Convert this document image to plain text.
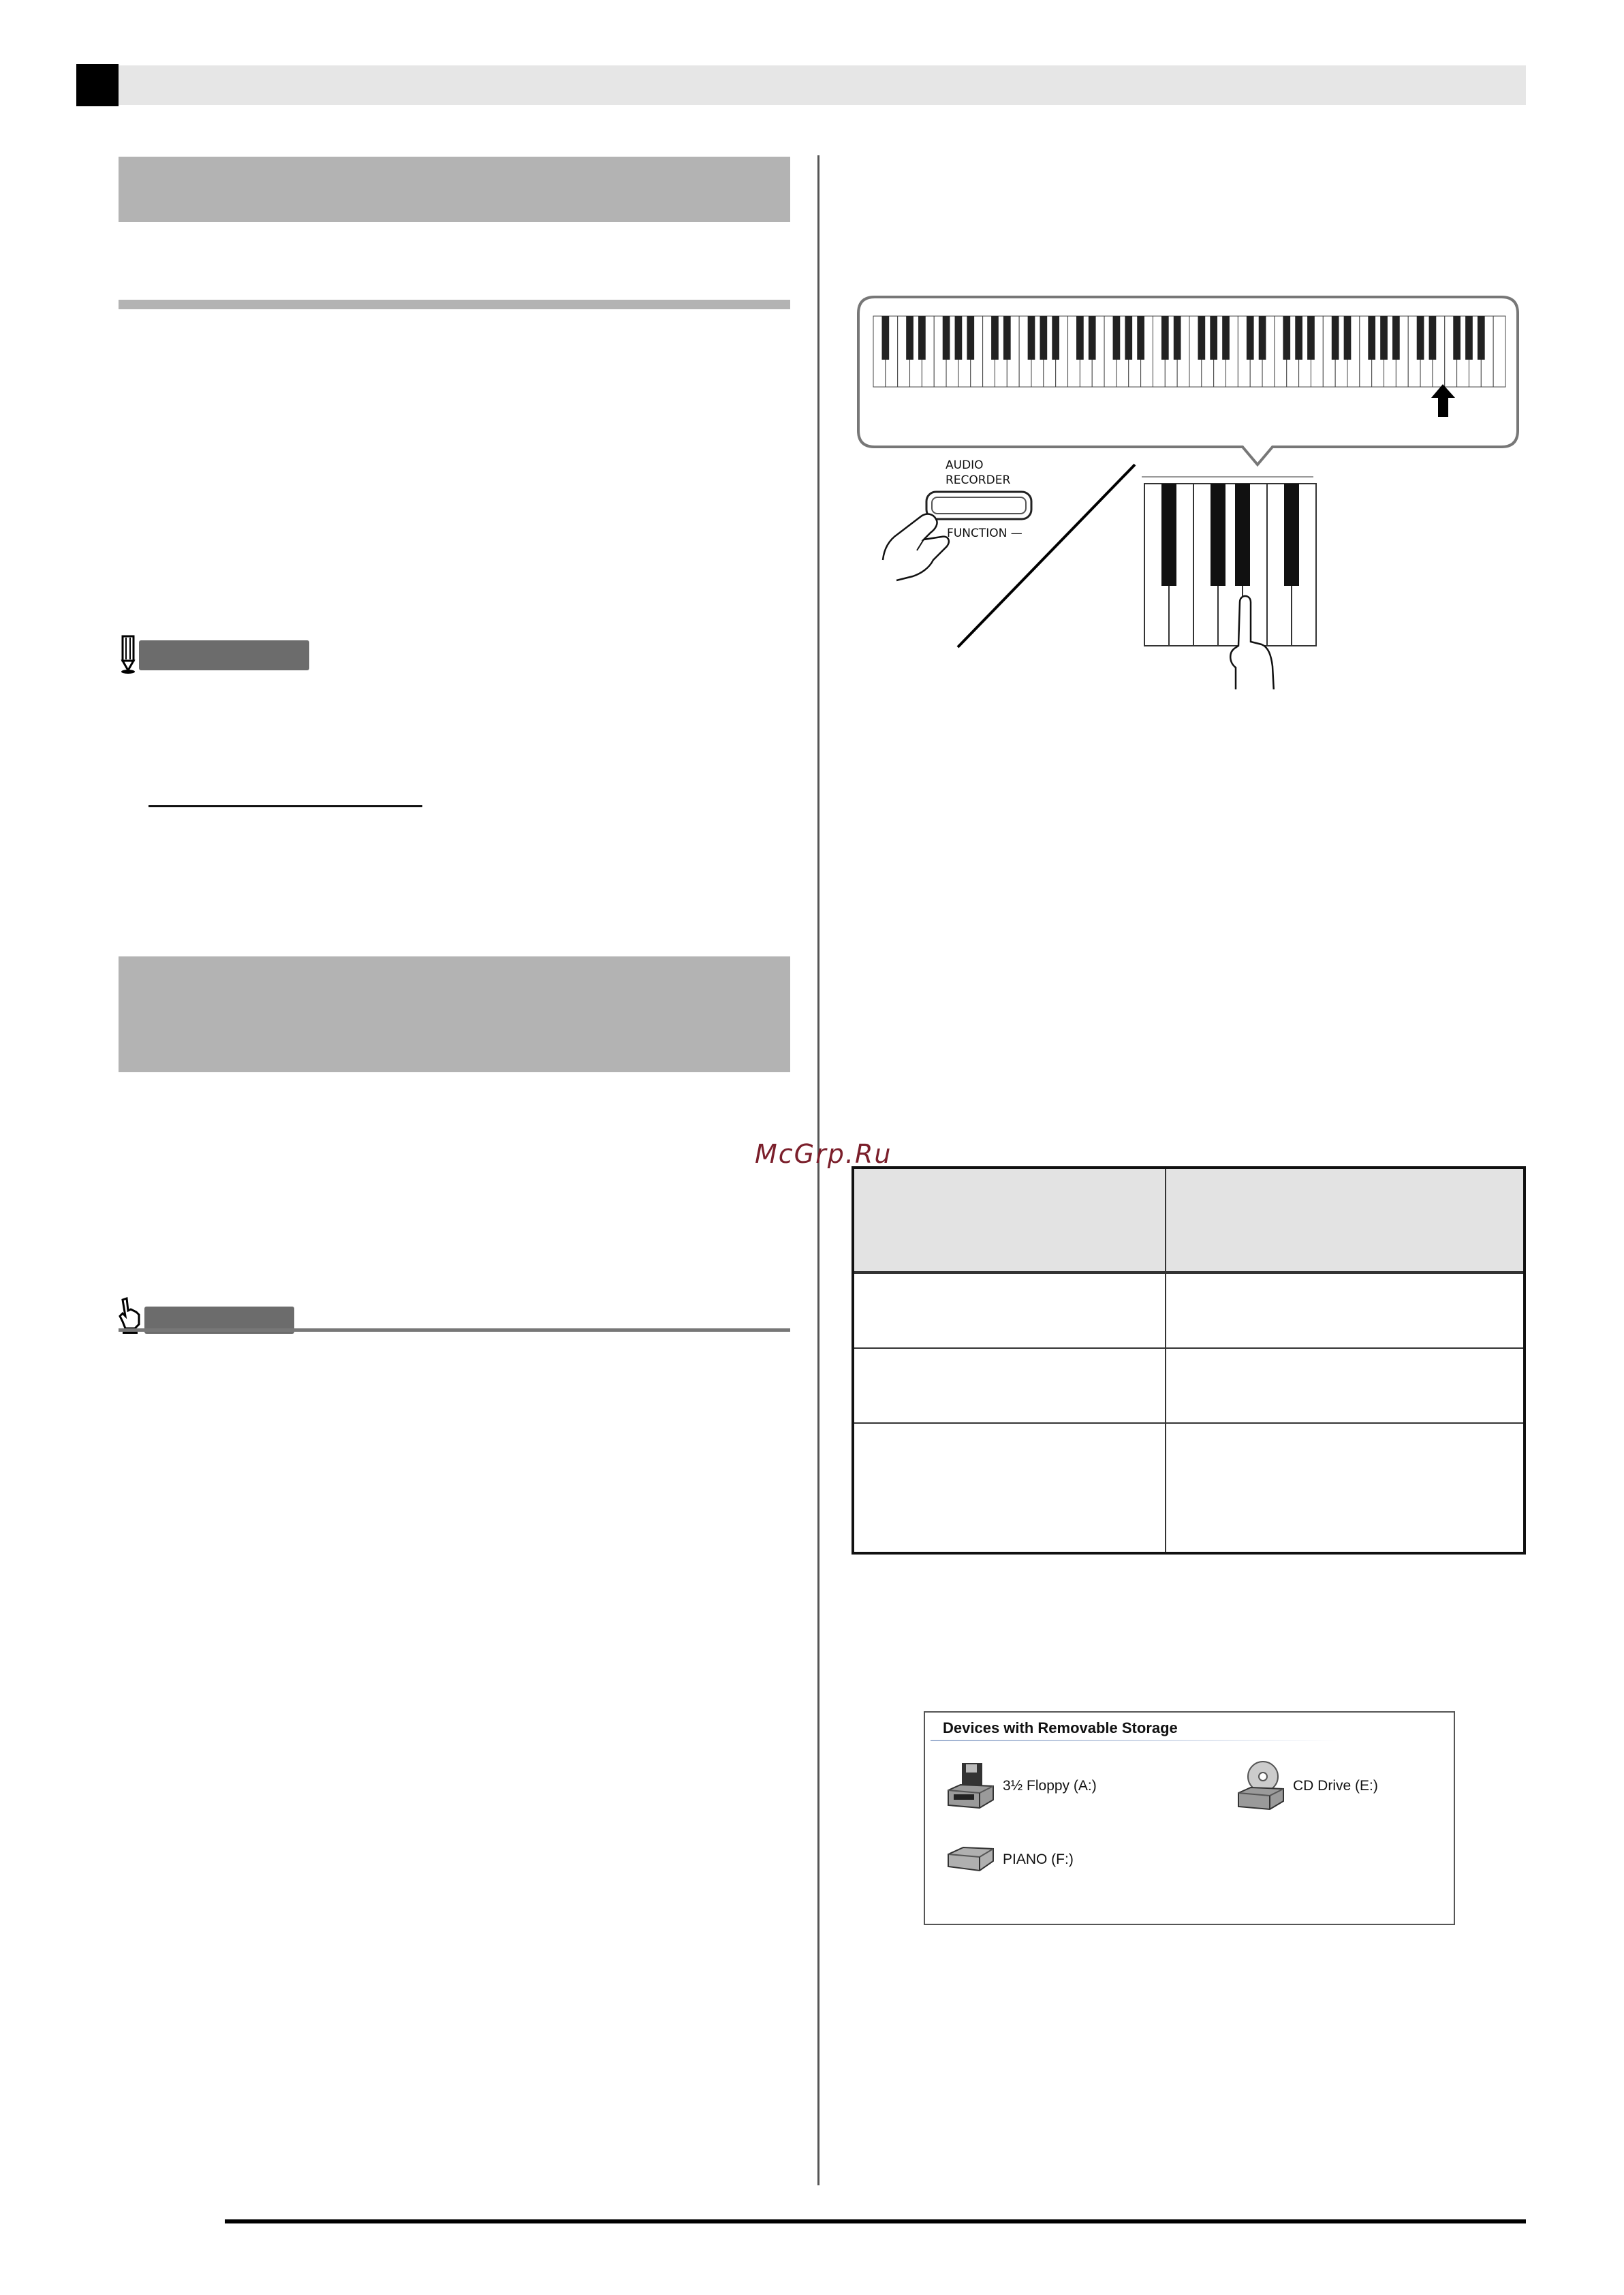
AUDIO
RECORDER
FUNCTION —
McGrp.Ru
Devices with Removable Storage
3½ Floppy (A:)	CD Drive (E:)
PIANO (F:)
